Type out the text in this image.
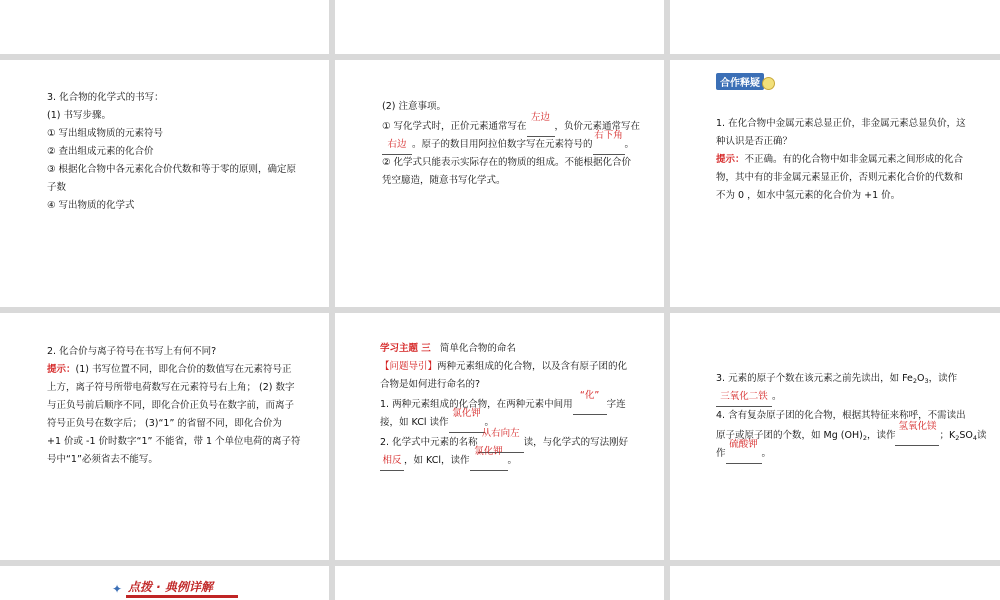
3. 化合物的化学式的书写：
(1) 书写步骤。
① 写出组成物质的元素符号
② 查出组成元素的化合价
③ 根据化合物中各元素化合价代数和等于零的原则，确定原
子数
④ 写出物质的化学式
(2) 注意事项。
① 写化学式时，正价元素通常写在
左边
，负价元素通常写在
右边 。原子的数目用阿拉伯数字写在元素符号的
右下角
。
② 化学式只能表示实际存在的物质的组成。不能根据化合价
凭空臆造，随意书写化学式。
合作释疑
1. 在化合物中金属元素总显正价，非金属元素总显负价，这
种认识是否正确？
提示：不正确。有的化合物中如非金属元素之间形成的化合
物，其中有的非金属元素显正价，否则元素化合价的代数和
不为 0 ，如水中氢元素的化合价为 +1 价。
2. 化合价与离子符号在书写上有何不同?
提示：(1) 书写位置不同，即化合价的数值写在元素符号正
上方，离子符号所带电荷数写在元素符号右上角； (2) 数字
与正负号前后顺序不同，即化合价正负号在数字前，而离子
符号正负号在数字后； (3)“1” 的省留不同，即化合价为
+1 价或 -1 价时数字“1” 不能省，带 1 个单位电荷的离子符
号中“1”必须省去不能写。
学习主题 三 简单化合物的命名
【问题导引】两种元素组成的化合物，以及含有原子团的化
合物是如何进行命名的?
1. 两种元素组成的化合物，在两种元素中间用
“化”
字连
接，如 KCl 读作
氯化钾
。
2. 化学式中元素的名称
从右向左
读，与化学式的写法刚好
相反 ，如 KCl，读作
氯化钾
。
3. 元素的原子个数在该元素之前先读出，如 $Fe_2O_3$，读作
三氧化二铁 。
4. 含有复杂原子团的化合物，根据其特征来称呼，不需读出
原子或原子团的个数，如 Mg $(OH)_2$，读作
氢氧化镁
；$K_2SO_4$读
作
硫酸钾
。
✦ 点拨 · 典例详解
